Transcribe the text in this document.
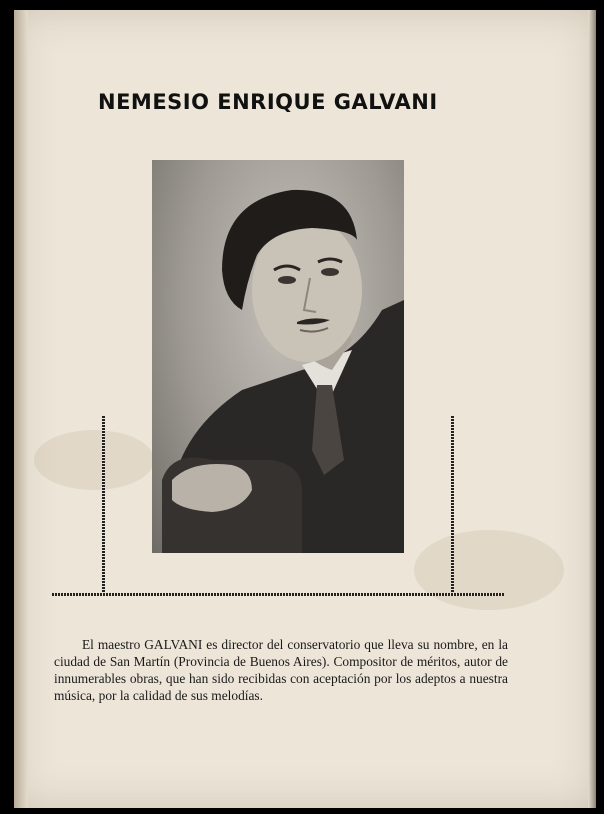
NEMESIO ENRIQUE GALVANI

El maestro GALVANI es director del conservatorio que lleva su nombre, en la ciudad de San Martín (Provincia de Buenos Aires). Compositor de méritos, autor de innumerables obras, que han sido recibidas con aceptación por los adeptos a nuestra música, por la calidad de sus melodías.
